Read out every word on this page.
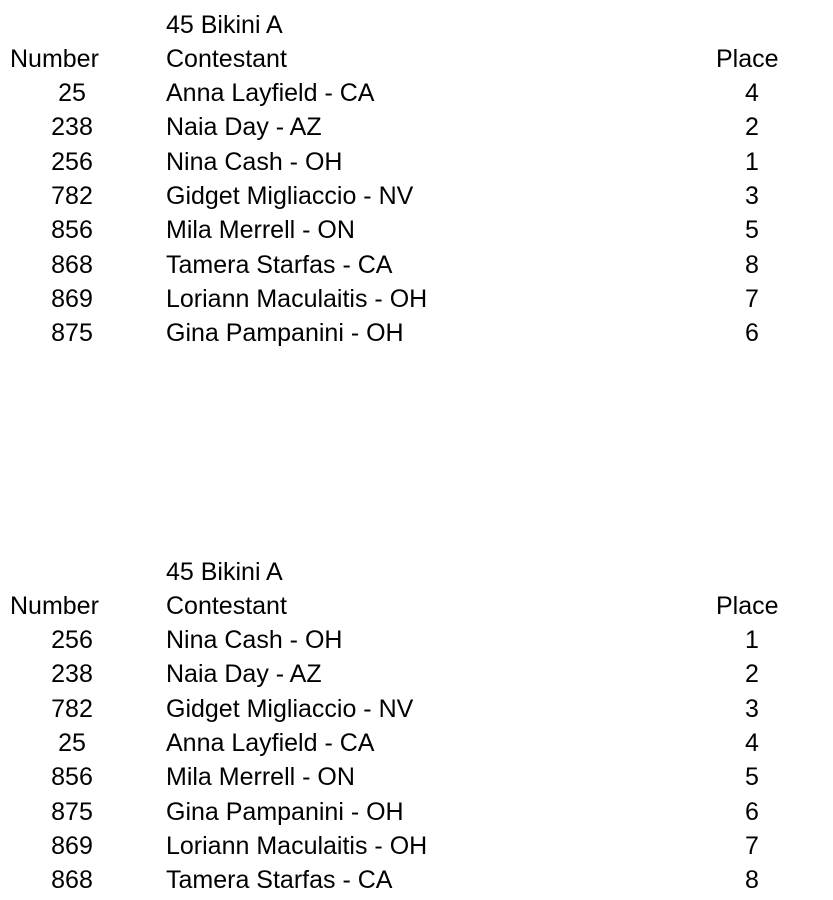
45 Bikini A
Number	Contestant	Place
25	Anna Layfield - CA	4
238	Naia Day - AZ	2
256	Nina Cash - OH	1
782	Gidget Migliaccio - NV	3
856	Mila Merrell - ON	5
868	Tamera Starfas - CA	8
869	Loriann Maculaitis - OH	7
875	Gina Pampanini - OH	6
45 Bikini A
Number	Contestant	Place
256	Nina Cash - OH	1
238	Naia Day - AZ	2
782	Gidget Migliaccio - NV	3
25	Anna Layfield - CA	4
856	Mila Merrell - ON	5
875	Gina Pampanini - OH	6
869	Loriann Maculaitis - OH	7
868	Tamera Starfas - CA	8
